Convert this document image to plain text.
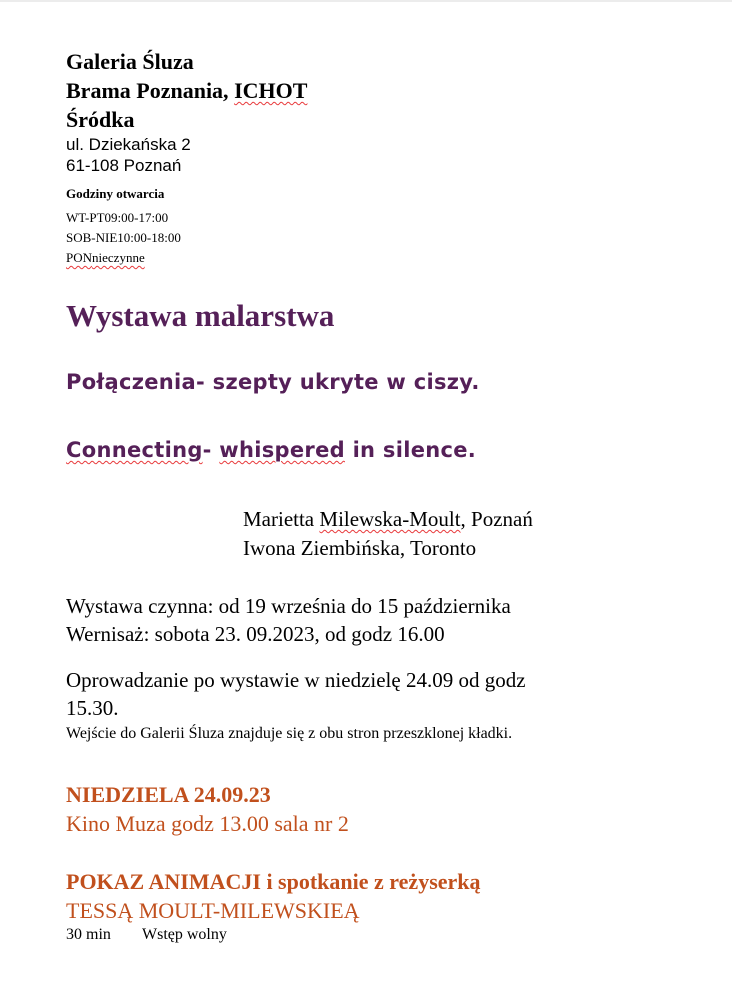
Galeria Śluza
Brama Poznania, ICHOT
Śródka
ul. Dziekańska 2
61-108 Poznań
Godziny otwarcia
WT-PT09:00-17:00
SOB-NIE10:00-18:00
PONnieczynne
Wystawa malarstwa
Połączenia- szepty ukryte w ciszy.
Connecting- whispered in silence.
Marietta Milewska-Moult, Poznań
Iwona Ziembińska, Toronto
Wystawa czynna: od 19 września do 15 października
Wernisaż: sobota 23. 09.2023, od godz 16.00
Oprowadzanie po wystawie w niedzielę 24.09 od godz
15.30.
Wejście do Galerii Śluza znajduje się z obu stron przeszklonej kładki.
NIEDZIELA 24.09.23
Kino Muza godz 13.00 sala nr 2
POKAZ ANIMACJI i spotkanie z reżyserką
TESSĄ MOULT-MILEWSKIEĄ
30 min Wstęp wolny
